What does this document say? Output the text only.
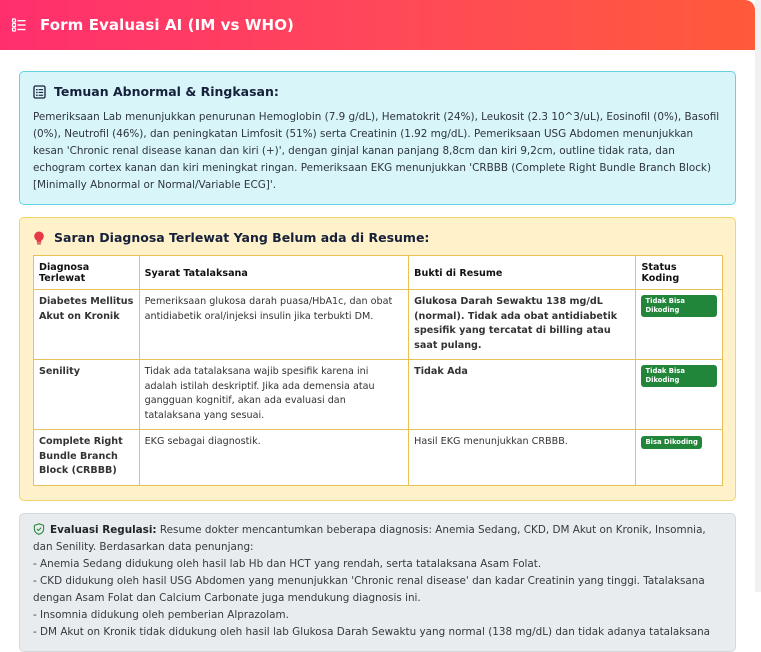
Form Evaluasi AI (IM vs WHO)
Temuan Abnormal & Ringkasan:
Pemeriksaan Lab menunjukkan penurunan Hemoglobin (7.9 g/dL), Hematokrit (24%), Leukosit (2.3 10^3/uL), Eosinofil (0%), Basofil (0%), Neutrofil (46%), dan peningkatan Limfosit (51%) serta Creatinin (1.92 mg/dL). Pemeriksaan USG Abdomen menunjukkan kesan 'Chronic renal disease kanan dan kiri (+)', dengan ginjal kanan panjang 8,8cm dan kiri 9,2cm, outline tidak rata, dan echogram cortex kanan dan kiri meningkat ringan. Pemeriksaan EKG menunjukkan 'CRBBB (Complete Right Bundle Branch Block) [Minimally Abnormal or Normal/Variable ECG]'.
Saran Diagnosa Terlewat Yang Belum ada di Resume:
Diagnosa Terlewat	Syarat Tatalaksana	Bukti di Resume	Status Koding
Diabetes Mellitus Akut on Kronik	Pemeriksaan glukosa darah puasa/HbA1c, dan obat antidiabetik oral/injeksi insulin jika terbukti DM.	Glukosa Darah Sewaktu 138 mg/dL (normal). Tidak ada obat antidiabetik spesifik yang tercatat di billing atau saat pulang.	Tidak Bisa Dikoding
Senility	Tidak ada tatalaksana wajib spesifik karena ini adalah istilah deskriptif. Jika ada demensia atau gangguan kognitif, akan ada evaluasi dan tatalaksana yang sesuai.	Tidak Ada	Tidak Bisa Dikoding
Complete Right Bundle Branch Block (CRBBB)	EKG sebagai diagnostik.	Hasil EKG menunjukkan CRBBB.	Bisa Dikoding
Evaluasi Regulasi: Resume dokter mencantumkan beberapa diagnosis: Anemia Sedang, CKD, DM Akut on Kronik, Insomnia, dan Senility. Berdasarkan data penunjang:
- Anemia Sedang didukung oleh hasil lab Hb dan HCT yang rendah, serta tatalaksana Asam Folat.
- CKD didukung oleh hasil USG Abdomen yang menunjukkan 'Chronic renal disease' dan kadar Creatinin yang tinggi. Tatalaksana dengan Asam Folat dan Calcium Carbonate juga mendukung diagnosis ini.
- Insomnia didukung oleh pemberian Alprazolam.
- DM Akut on Kronik tidak didukung oleh hasil lab Glukosa Darah Sewaktu yang normal (138 mg/dL) dan tidak adanya tatalaksana
